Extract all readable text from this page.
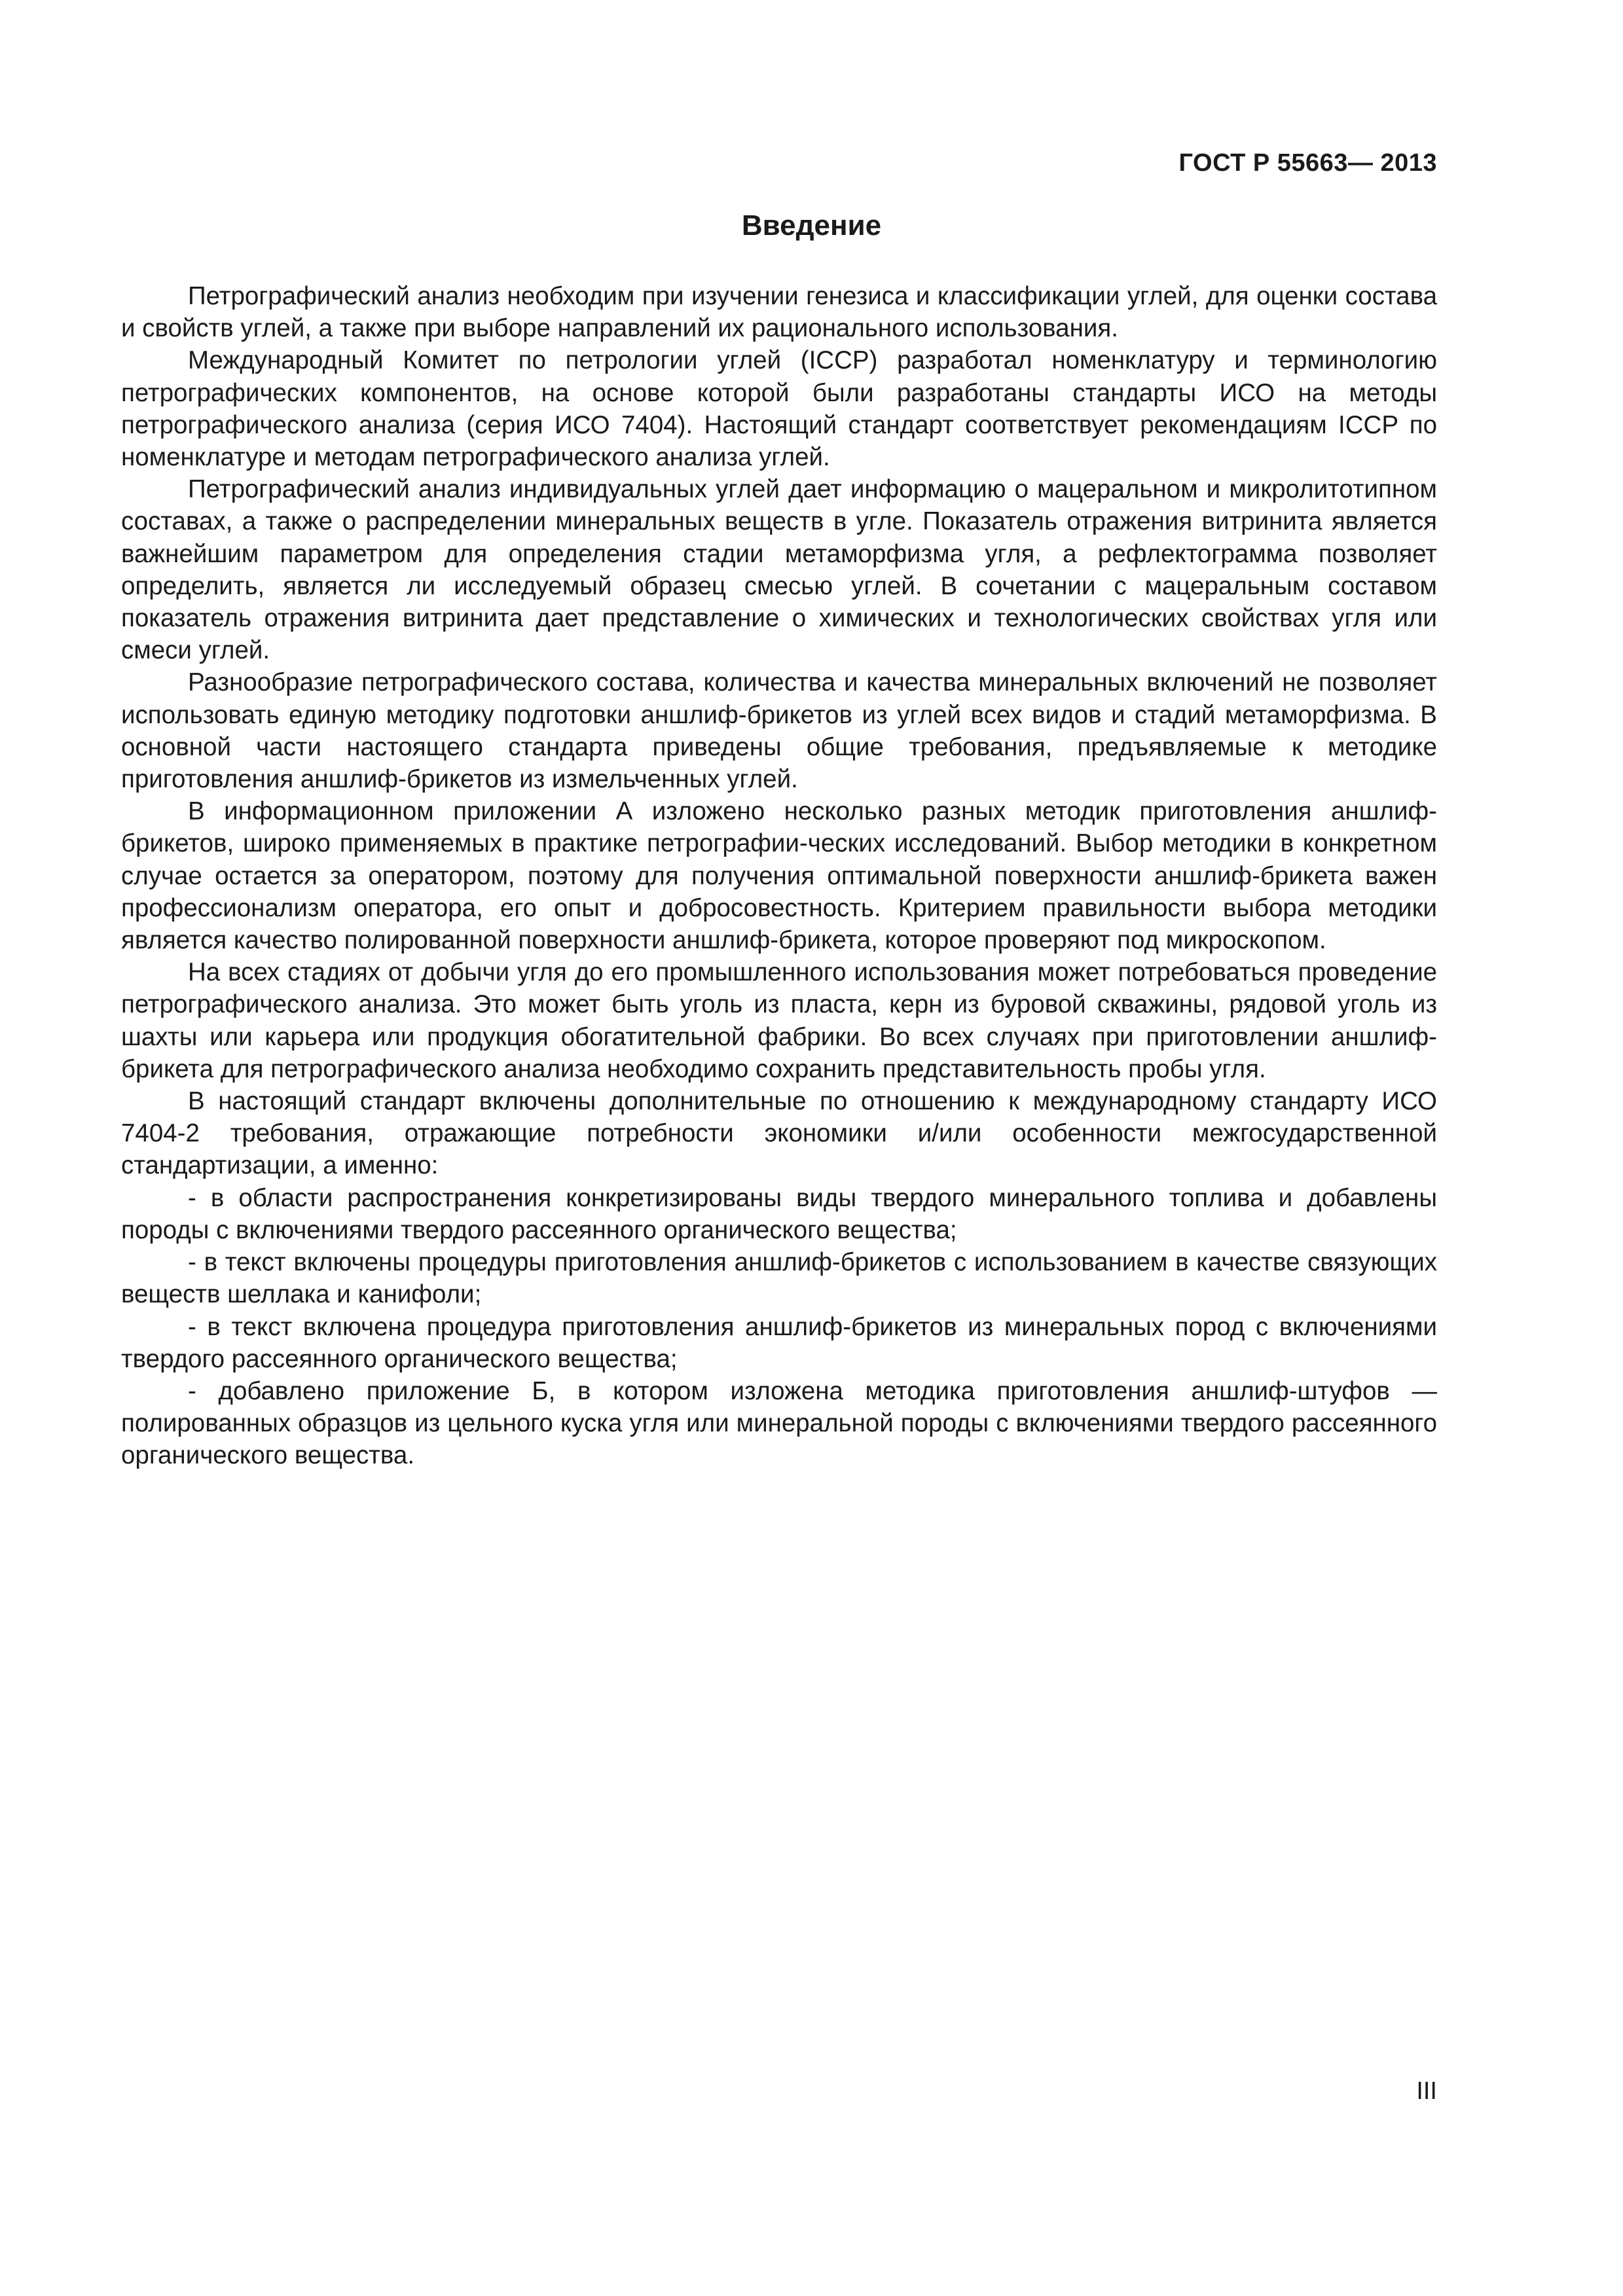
ГОСТ Р 55663— 2013
Введение

Петрографический анализ необходим при изучении генезиса и классификации углей, для оценки состава и свойств углей, а также при выборе направлений их рационального использования.

Международный Комитет по петрологии углей (ICCP) разработал номенклатуру и терминологию петрографических компонентов, на основе которой были разработаны стандарты ИСО на методы петрографического анализа (серия ИСО 7404). Настоящий стандарт соответствует рекомендациям ICCP по номенклатуре и методам петрографического анализа углей.

Петрографический анализ индивидуальных углей дает информацию о мацеральном и микролитотипном составах, а также о распределении минеральных веществ в угле. Показатель отражения витринита является важнейшим параметром для определения стадии метаморфизма угля, а рефлектограмма позволяет определить, является ли исследуемый образец смесью углей. В сочетании с мацеральным составом показатель отражения витринита дает представление о химических и технологических свойствах угля или смеси углей.

Разнообразие петрографического состава, количества и качества минеральных включений не позволяет использовать единую методику подготовки аншлиф-брикетов из углей всех видов и стадий метаморфизма. В основной части настоящего стандарта приведены общие требования, предъявляемые к методике приготовления аншлиф-брикетов из измельченных углей.

В информационном приложении А изложено несколько разных методик приготовления аншлиф-брикетов, широко применяемых в практике петрографии-ческих исследований. Выбор методики в конкретном случае остается за оператором, поэтому для получения оптимальной поверхности аншлиф-брикета важен профессионализм оператора, его опыт и добросовестность. Критерием правильности выбора методики является качество полированной поверхности аншлиф-брикета, которое проверяют под микроскопом.

На всех стадиях от добычи угля до его промышленного использования может потребоваться проведение петрографического анализа. Это может быть уголь из пласта, керн из буровой скважины, рядовой уголь из шахты или карьера или продукция обогатительной фабрики. Во всех случаях при приготовлении аншлиф-брикета для петрографического анализа необходимо сохранить представительность пробы угля.

В настоящий стандарт включены дополнительные по отношению к международному стандарту ИСО 7404-2 требования, отражающие потребности экономики и/или особенности межгосударственной стандартизации, а именно:

- в области распространения конкретизированы виды твердого минерального топлива и добавлены породы с включениями твердого рассеянного органического вещества;

- в текст включены процедуры приготовления аншлиф-брикетов с использованием в качестве связующих веществ шеллака и канифоли;

- в текст включена процедура приготовления аншлиф-брикетов из минеральных пород с включениями твердого рассеянного органического вещества;

- добавлено приложение Б, в котором изложена методика приготовления аншлиф-штуфов — полированных образцов из цельного куска угля или минеральной породы с включениями твердого рассеянного органического вещества.

III
